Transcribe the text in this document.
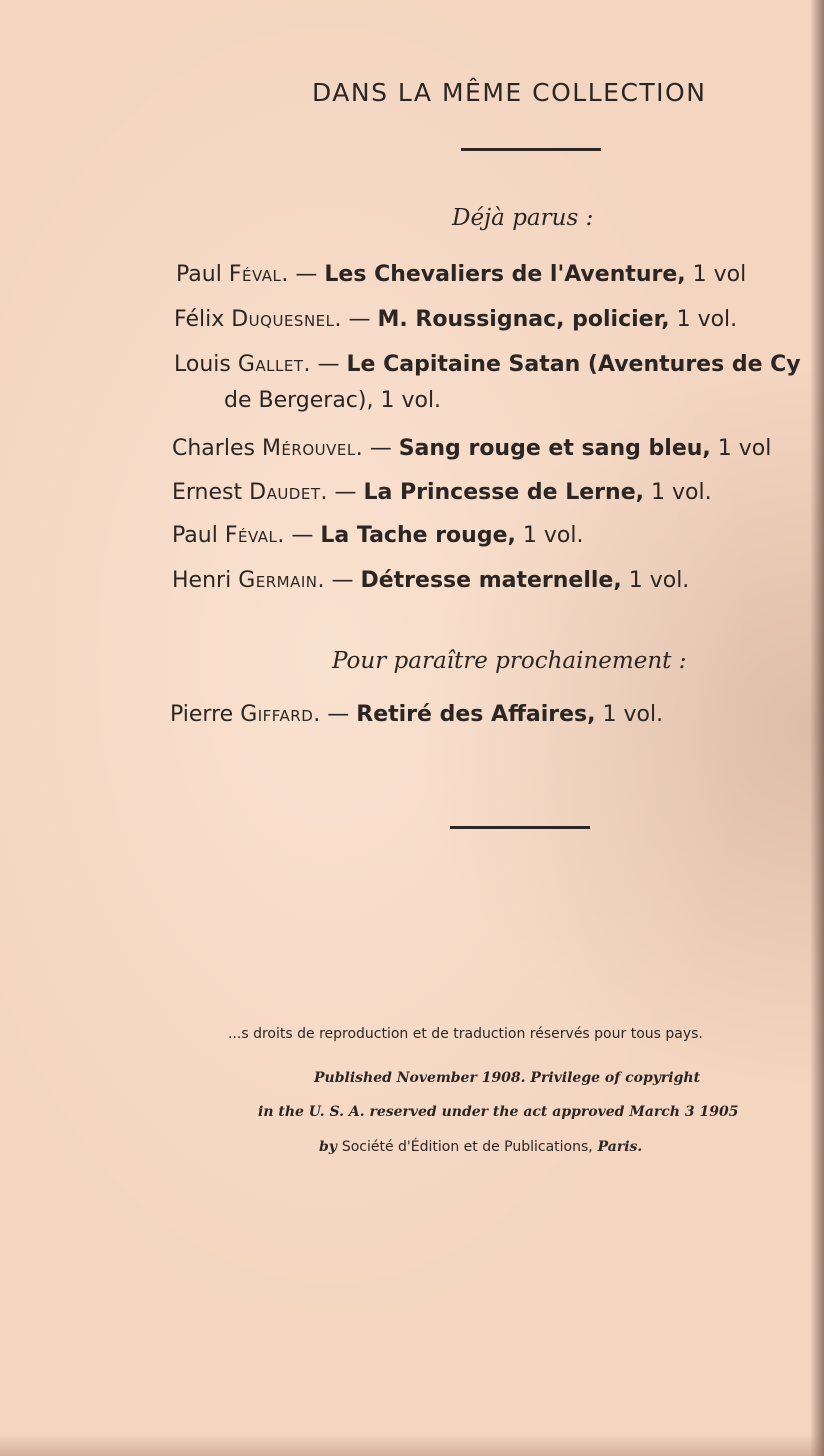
DANS LA MÊME COLLECTION
Déjà parus :
Paul Féval. — Les Chevaliers de l'Aventure, 1 vol
Félix Duquesnel. — M. Roussignac, policier, 1 vol.
Louis Gallet. — Le Capitaine Satan (Aventures de Cy
de Bergerac), 1 vol.
Charles Mérouvel. — Sang rouge et sang bleu, 1 vol
Ernest Daudet. — La Princesse de Lerne, 1 vol.
Paul Féval. — La Tache rouge, 1 vol.
Henri Germain. — Détresse maternelle, 1 vol.
Pour paraître prochainement :
Pierre Giffard. — Retiré des Affaires, 1 vol.
...s droits de reproduction et de traduction réservés pour tous pays.
Published November 1908. Privilege of copyright
in the U. S. A. reserved under the act approved March 3 1905
by Société d'Édition et de Publications, Paris.
